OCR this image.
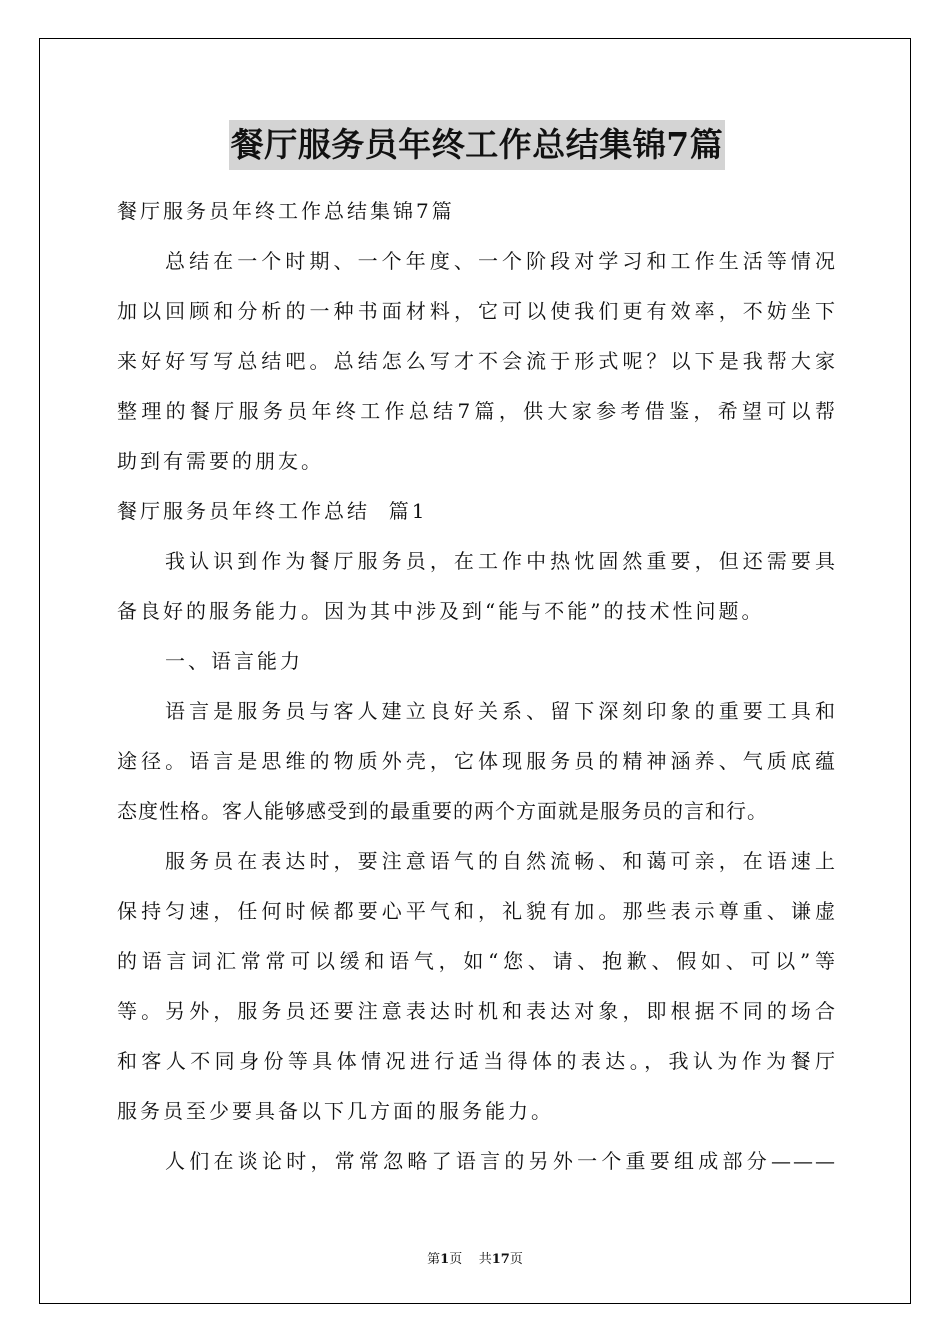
餐厅服务员年终工作总结集锦7篇
餐厅服务员年终工作总结集锦7篇
总结在一个时期、一个年度、一个阶段对学习和工作生活等情况
加以回顾和分析的一种书面材料，它可以使我们更有效率，不妨坐下
来好好写写总结吧。总结怎么写才不会流于形式呢？以下是我帮大家
整理的餐厅服务员年终工作总结7篇，供大家参考借鉴，希望可以帮
助到有需要的朋友。
餐厅服务员年终工作总结  篇1
我认识到作为餐厅服务员，在工作中热忱固然重要，但还需要具
备良好的服务能力。因为其中涉及到“能与不能”的技术性问题。
一、语言能力
语言是服务员与客人建立良好关系、留下深刻印象的重要工具和
途径。语言是思维的物质外壳，它体现服务员的精神涵养、气质底蕴
态度性格。客人能够感受到的最重要的两个方面就是服务员的言和行。
服务员在表达时，要注意语气的自然流畅、和蔼可亲，在语速上
保持匀速，任何时候都要心平气和，礼貌有加。那些表示尊重、谦虚
的语言词汇常常可以缓和语气，如“您、请、抱歉、假如、可以”等
等。另外，服务员还要注意表达时机和表达对象，即根据不同的场合
和客人不同身份等具体情况进行适当得体的表达。，我认为作为餐厅
服务员至少要具备以下几方面的服务能力。
人们在谈论时，常常忽略了语言的另外一个重要组成部分———
第1页    共17页
